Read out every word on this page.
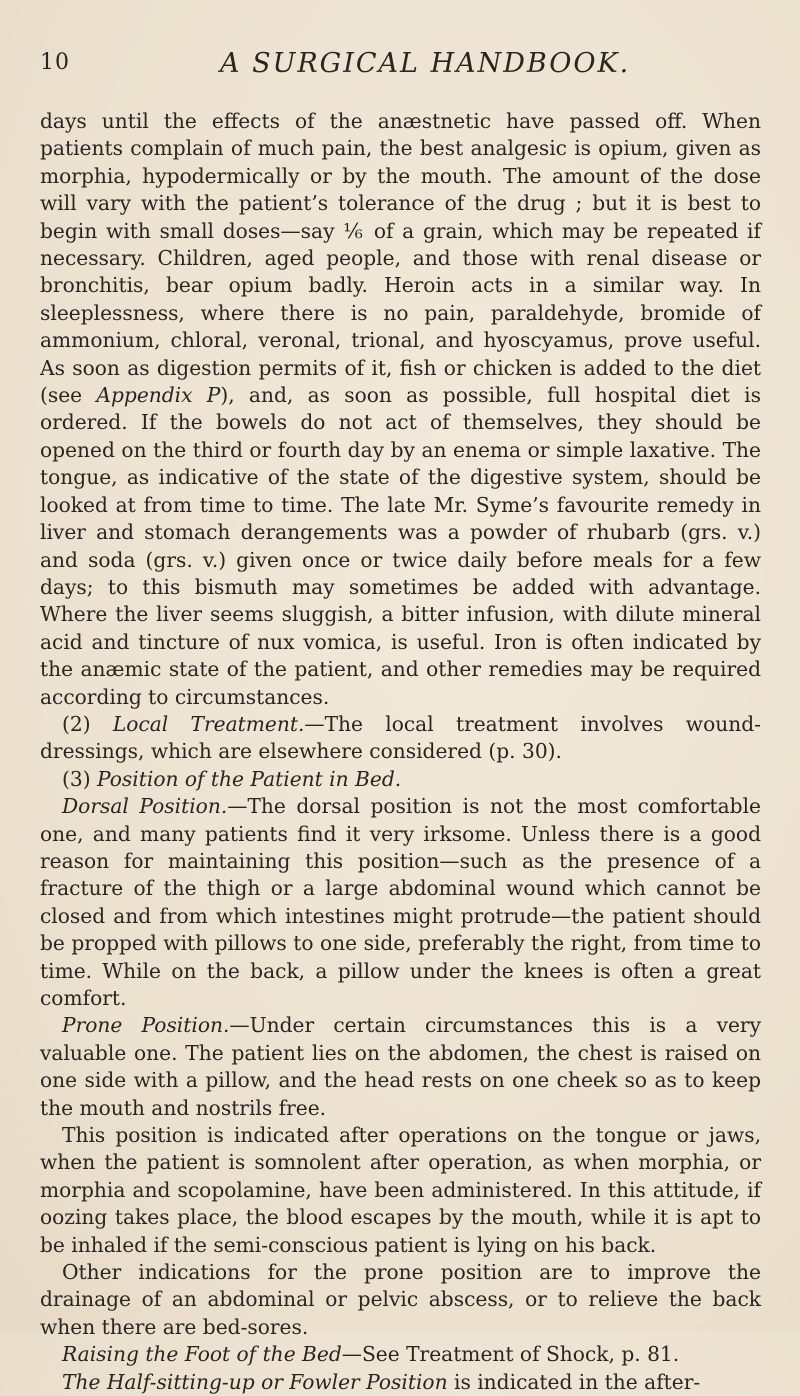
10	A SURGICAL HANDBOOK.

days until the effects of the anæstnetic have passed off. When patients complain of much pain, the best analgesic is opium, given as morphia, hypodermically or by the mouth. The amount of the dose will vary with the patient’s tolerance of the drug ; but it is best to begin with small doses—say ⅙ of a grain, which may be repeated if necessary. Children, aged people, and those with renal disease or bronchitis, bear opium badly. Heroin acts in a similar way. In sleeplessness, where there is no pain, paraldehyde, bromide of ammonium, chloral, veronal, trional, and hyoscyamus, prove useful. As soon as digestion permits of it, fish or chicken is added to the diet (see Appendix P), and, as soon as possible, full hospital diet is ordered. If the bowels do not act of themselves, they should be opened on the third or fourth day by an enema or simple laxative. The tongue, as indicative of the state of the digestive system, should be looked at from time to time. The late Mr. Syme’s favourite remedy in liver and stomach derangements was a powder of rhubarb (grs. v.) and soda (grs. v.) given once or twice daily before meals for a few days; to this bismuth may sometimes be added with advantage. Where the liver seems sluggish, a bitter infusion, with dilute mineral acid and tincture of nux vomica, is useful. Iron is often indicated by the anæmic state of the patient, and other remedies may be required according to circumstances.

(2) Local Treatment.—The local treatment involves wound-dressings, which are elsewhere considered (p. 30).

(3) Position of the Patient in Bed.

Dorsal Position.—The dorsal position is not the most comfortable one, and many patients find it very irksome. Unless there is a good reason for maintaining this position—such as the presence of a fracture of the thigh or a large abdominal wound which cannot be closed and from which intestines might protrude—the patient should be propped with pillows to one side, preferably the right, from time to time. While on the back, a pillow under the knees is often a great comfort.

Prone Position.—Under certain circumstances this is a very valuable one. The patient lies on the abdomen, the chest is raised on one side with a pillow, and the head rests on one cheek so as to keep the mouth and nostrils free.

This position is indicated after operations on the tongue or jaws, when the patient is somnolent after operation, as when morphia, or morphia and scopolamine, have been administered. In this attitude, if oozing takes place, the blood escapes by the mouth, while it is apt to be inhaled if the semi-conscious patient is lying on his back.

Other indications for the prone position are to improve the drainage of an abdominal or pelvic abscess, or to relieve the back when there are bed-sores.

Raising the Foot of the Bed—See Treatment of Shock, p. 81.

The Half-sitting-up or Fowler Position is indicated in the after-
